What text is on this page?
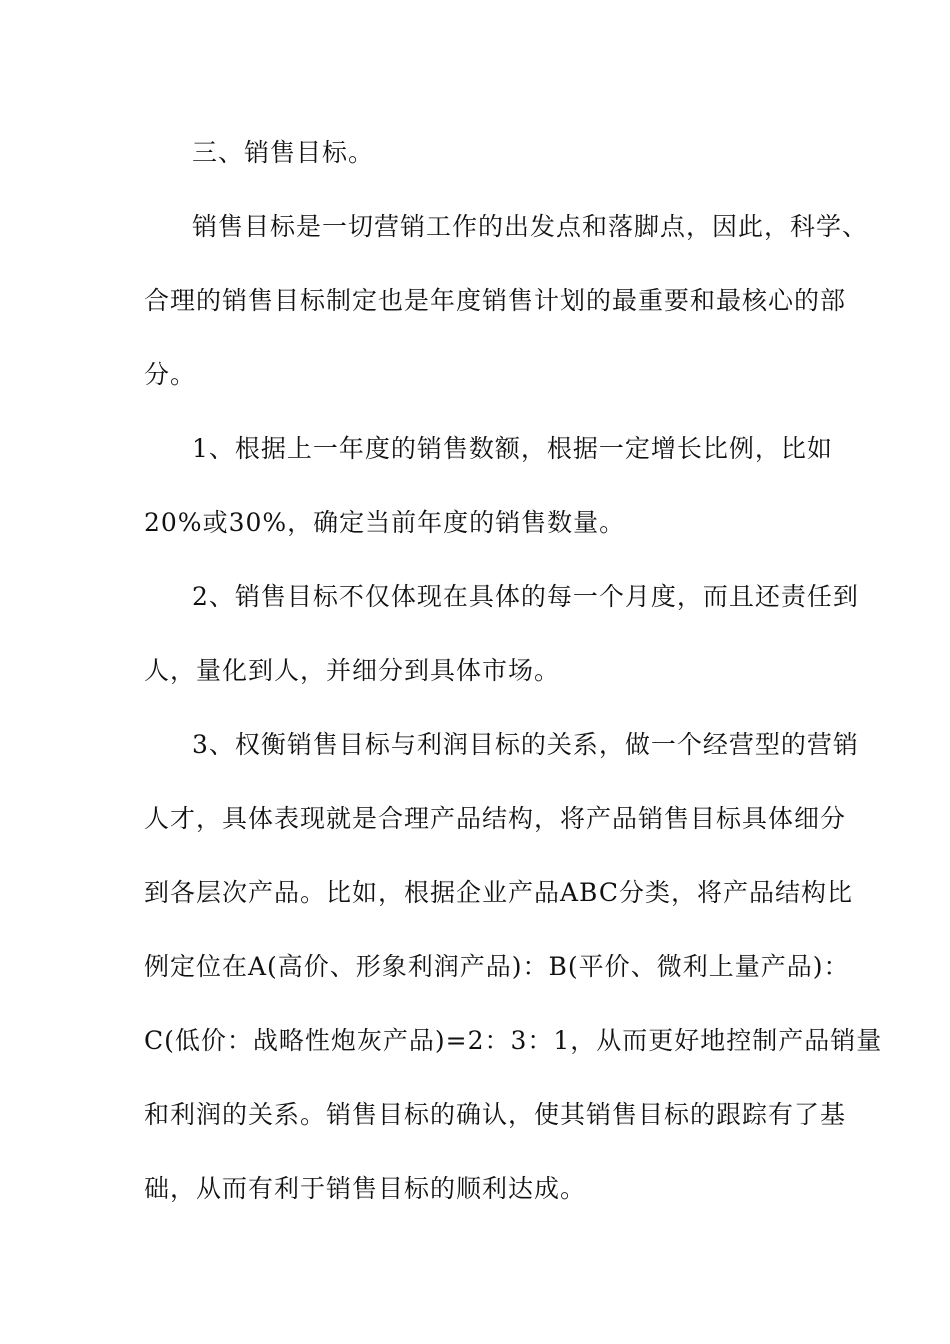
三、销售目标。
销售目标是一切营销工作的出发点和落脚点，因此，科学、
合理的销售目标制定也是年度销售计划的最重要和最核心的部
分。
1、根据上一年度的销售数额，根据一定增长比例，比如
20%或30%，确定当前年度的销售数量。
2、销售目标不仅体现在具体的每一个月度，而且还责任到
人，量化到人，并细分到具体市场。
3、权衡销售目标与利润目标的关系，做一个经营型的营销
人才，具体表现就是合理产品结构，将产品销售目标具体细分
到各层次产品。比如，根据企业产品ABC分类，将产品结构比
例定位在A(高价、形象利润产品)：B(平价、微利上量产品)：
C(低价：战略性炮灰产品)=2：3：1，从而更好地控制产品销量
和利润的关系。销售目标的确认，使其销售目标的跟踪有了基
础，从而有利于销售目标的顺利达成。
